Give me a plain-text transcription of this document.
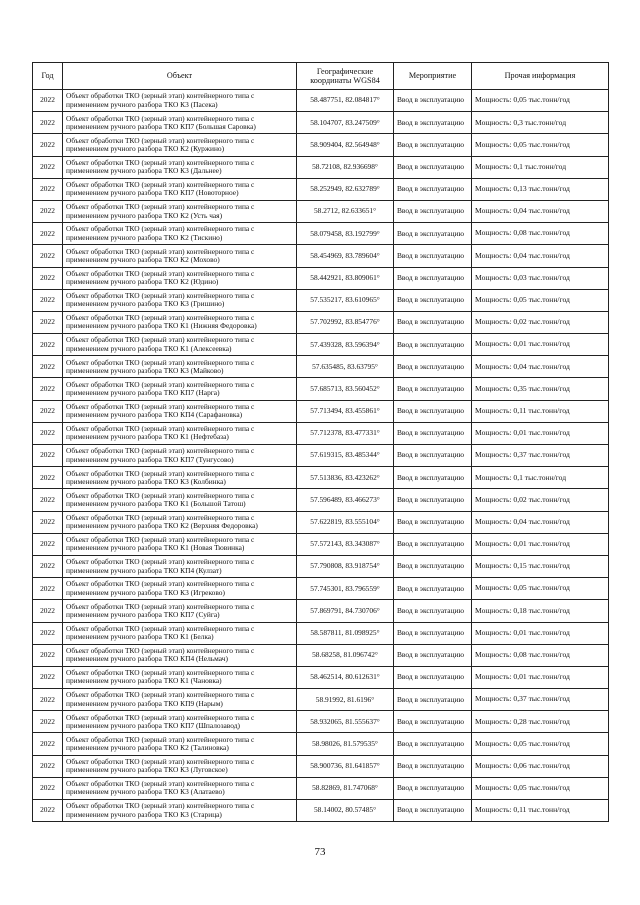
Год	Объект	Географические координаты WGS84	Мероприятие	Прочая информация
2022	Объект обработки ТКО (зерный этап) контейнерного типа с применением ручного разбора ТКО К3 (Пасека)	58.487751, 82.084817°	Ввод в эксплуатацию	Мощность: 0,05 тыс.тонн/год
2022	Объект обработки ТКО (зерный этап) контейнерного типа с применением ручного разбора ТКО КП7 (Большая Саровка)	58.104707, 83.247509°	Ввод в эксплуатацию	Мощность: 0,3 тыс.тонн/год
2022	Объект обработки ТКО (зерный этап) контейнерного типа с применением ручного разбора ТКО К2 (Куржино)	58.909404, 82.564948°	Ввод в эксплуатацию	Мощность: 0,05 тыс.тонн/год
2022	Объект обработки ТКО (зерный этап) контейнерного типа с применением ручного разбора ТКО К3 (Дальнее)	58.72108, 82.936698°	Ввод в эксплуатацию	Мощность: 0,1 тыс.тонн/год
2022	Объект обработки ТКО (зерный этап) контейнерного типа с применением ручного разбора ТКО КП7 (Новоторное)	58.252949, 82.632789°	Ввод в эксплуатацию	Мощность: 0,13 тыс.тонн/год
2022	Объект обработки ТКО (зерный этап) контейнерного типа с применением ручного разбора ТКО К2 (Усть чая)	58.2712, 82.633651°	Ввод в эксплуатацию	Мощность: 0,04 тыс.тонн/год
2022	Объект обработки ТКО (зерный этап) контейнерного типа с применением ручного разбора ТКО К2 (Тискино)	58.079458, 83.192799°	Ввод в эксплуатацию	Мощность: 0,08 тыс.тонн/год
2022	Объект обработки ТКО (зерный этап) контейнерного типа с применением ручного разбора ТКО К2 (Мохово)	58.454969, 83.789604°	Ввод в эксплуатацию	Мощность: 0,04 тыс.тонн/год
2022	Объект обработки ТКО (зерный этап) контейнерного типа с применением ручного разбора ТКО К2 (Юдино)	58.442921, 83.809061°	Ввод в эксплуатацию	Мощность: 0,03 тыс.тонн/год
2022	Объект обработки ТКО (зерный этап) контейнерного типа с применением ручного разбора ТКО К3 (Гришино)	57.535217, 83.610965°	Ввод в эксплуатацию	Мощность: 0,05 тыс.тонн/год
2022	Объект обработки ТКО (зерный этап) контейнерного типа с применением ручного разбора ТКО К1 (Нижняя Федоровка)	57.702992, 83.854776°	Ввод в эксплуатацию	Мощность: 0,02 тыс.тонн/год
2022	Объект обработки ТКО (зерный этап) контейнерного типа с применением ручного разбора ТКО К1 (Алексеевка)	57.439328, 83.596394°	Ввод в эксплуатацию	Мощность: 0,01 тыс.тонн/год
2022	Объект обработки ТКО (зерный этап) контейнерного типа с применением ручного разбора ТКО К3 (Майково)	57.635485, 83.63795°	Ввод в эксплуатацию	Мощность: 0,04 тыс.тонн/год
2022	Объект обработки ТКО (зерный этап) контейнерного типа с применением ручного разбора ТКО КП7 (Нарга)	57.685713, 83.560452°	Ввод в эксплуатацию	Мощность: 0,35 тыс.тонн/год
2022	Объект обработки ТКО (зерный этап) контейнерного типа с применением ручного разбора ТКО КП4 (Сарафановка)	57.713494, 83.455861°	Ввод в эксплуатацию	Мощность: 0,11 тыс.тонн/год
2022	Объект обработки ТКО (зерный этап) контейнерного типа с применением ручного разбора ТКО К1 (Нефтебаза)	57.712378, 83.477331°	Ввод в эксплуатацию	Мощность: 0,01 тыс.тонн/год
2022	Объект обработки ТКО (зерный этап) контейнерного типа с применением ручного разбора ТКО КП7 (Тунгусово)	57.619315, 83.485344°	Ввод в эксплуатацию	Мощность: 0,37 тыс.тонн/год
2022	Объект обработки ТКО (зерный этап) контейнерного типа с применением ручного разбора ТКО К3 (Колбинка)	57.513836, 83.423262°	Ввод в эксплуатацию	Мощность: 0,1 тыс.тонн/год
2022	Объект обработки ТКО (зерный этап) контейнерного типа с применением ручного разбора ТКО К1 (Большой Татош)	57.596489, 83.466273°	Ввод в эксплуатацию	Мощность: 0,02 тыс.тонн/год
2022	Объект обработки ТКО (зерный этап) контейнерного типа с применением ручного разбора ТКО К2 (Верхняя Федоровка)	57.622819, 83.555104°	Ввод в эксплуатацию	Мощность: 0,04 тыс.тонн/год
2022	Объект обработки ТКО (зерный этап) контейнерного типа с применением ручного разбора ТКО К1 (Новая Тювинка)	57.572143, 83.343087°	Ввод в эксплуатацию	Мощность: 0,01 тыс.тонн/год
2022	Объект обработки ТКО (зерный этап) контейнерного типа с применением ручного разбора ТКО КП4 (Кулзат)	57.790808, 83.918754°	Ввод в эксплуатацию	Мощность: 0,15 тыс.тонн/год
2022	Объект обработки ТКО (зерный этап) контейнерного типа с применением ручного разбора ТКО К3 (Игреково)	57.745301, 83.796559°	Ввод в эксплуатацию	Мощность: 0,05 тыс.тонн/год
2022	Объект обработки ТКО (зерный этап) контейнерного типа с применением ручного разбора ТКО КП7 (Суйга)	57.869791, 84.730706°	Ввод в эксплуатацию	Мощность: 0,18 тыс.тонн/год
2022	Объект обработки ТКО (зерный этап) контейнерного типа с применением ручного разбора ТКО К1 (Белка)	58.587811, 81.098925°	Ввод в эксплуатацию	Мощность: 0,01 тыс.тонн/год
2022	Объект обработки ТКО (зерный этап) контейнерного типа с применением ручного разбора ТКО КП4 (Нельмач)	58.68258, 81.096742°	Ввод в эксплуатацию	Мощность: 0,08 тыс.тонн/год
2022	Объект обработки ТКО (зерный этап) контейнерного типа с применением ручного разбора ТКО К1 (Чановка)	58.462514, 80.612631°	Ввод в эксплуатацию	Мощность: 0,01 тыс.тонн/год
2022	Объект обработки ТКО (зерный этап) контейнерного типа с применением ручного разбора ТКО КП9 (Нарым)	58.91992, 81.6196°	Ввод в эксплуатацию	Мощность: 0,37 тыс.тонн/год
2022	Объект обработки ТКО (зерный этап) контейнерного типа с применением ручного разбора ТКО КП7 (Шпалозавод)	58.932065, 81.555637°	Ввод в эксплуатацию	Мощность: 0,28 тыс.тонн/год
2022	Объект обработки ТКО (зерный этап) контейнерного типа с применением ручного разбора ТКО К2 (Талиновка)	58.98026, 81.579535°	Ввод в эксплуатацию	Мощность: 0,05 тыс.тонн/год
2022	Объект обработки ТКО (зерный этап) контейнерного типа с применением ручного разбора ТКО К3 (Луговское)	58.900736, 81.641857°	Ввод в эксплуатацию	Мощность: 0,06 тыс.тонн/год
2022	Объект обработки ТКО (зерный этап) контейнерного типа с применением ручного разбора ТКО К3 (Алатаево)	58.82869, 81.747068°	Ввод в эксплуатацию	Мощность: 0,05 тыс.тонн/год
2022	Объект обработки ТКО (зерный этап) контейнерного типа с применением ручного разбора ТКО К3 (Старица)	58.14002, 80.57485°	Ввод в эксплуатацию	Мощность: 0,11 тыс.тонн/год
73
